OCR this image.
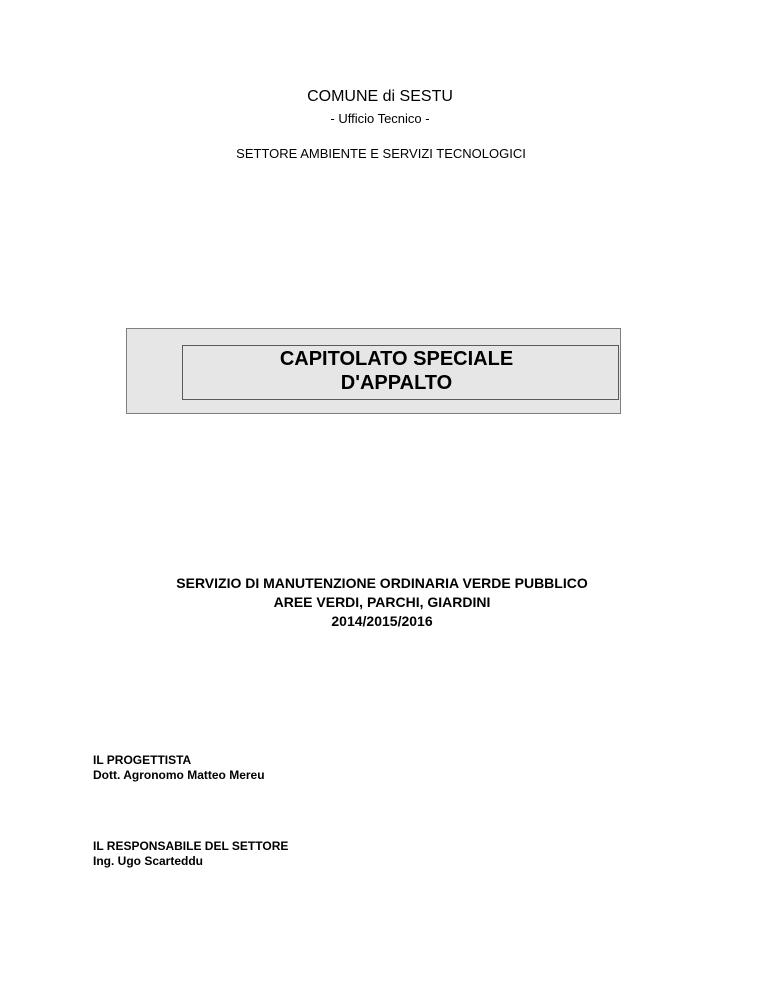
COMUNE di SESTU
- Ufficio Tecnico -
SETTORE AMBIENTE E SERVIZI TECNOLOGICI
CAPITOLATO SPECIALE
D'APPALTO
SERVIZIO DI MANUTENZIONE ORDINARIA VERDE PUBBLICO
AREE VERDI, PARCHI, GIARDINI
2014/2015/2016
IL PROGETTISTA
Dott. Agronomo Matteo Mereu
IL RESPONSABILE DEL SETTORE
Ing. Ugo Scarteddu
